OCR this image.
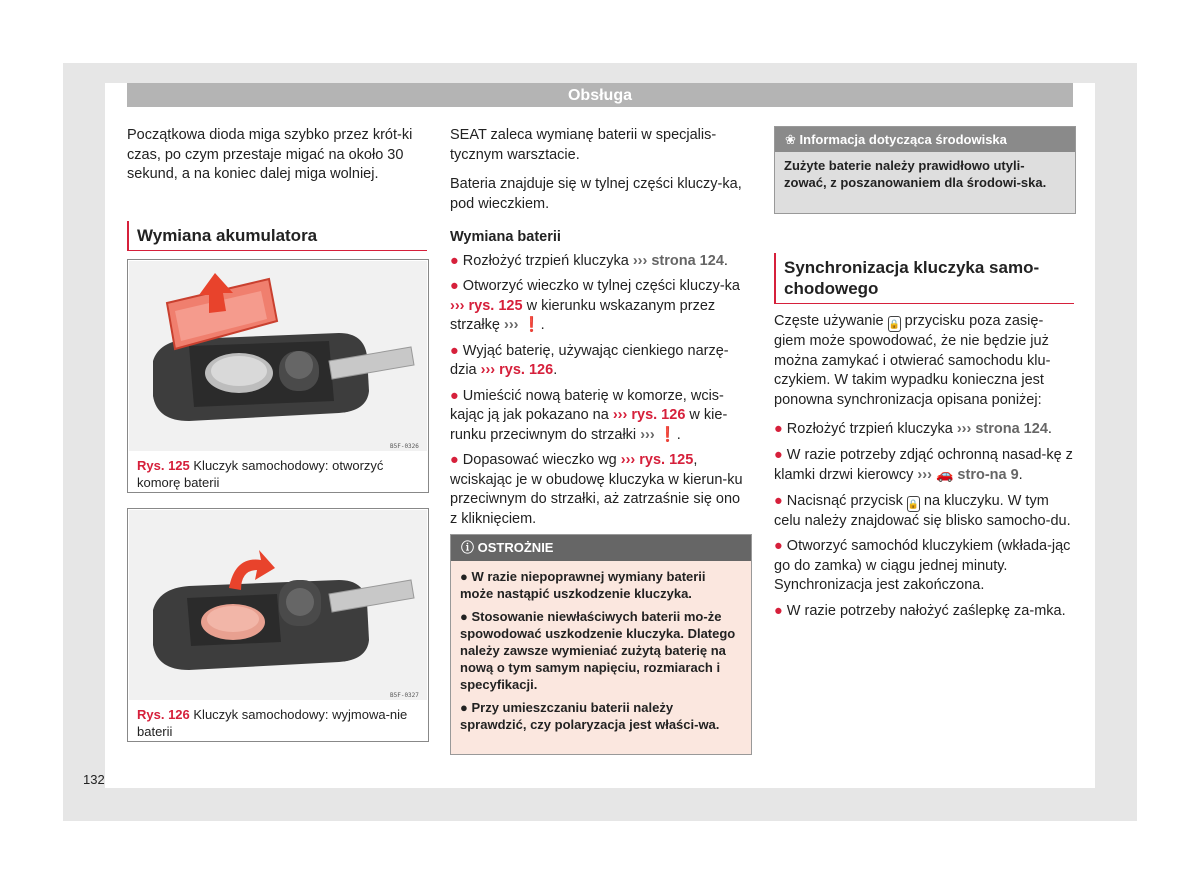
Obsługa

Początkowa dioda miga szybko przez krót-ki czas, po czym przestaje migać na około 30 sekund, a na koniec dalej miga wolniej.

Wymiana akumulatora
B5F-0326
Rys. 125 Kluczyk samochodowy: otworzyć komorę baterii
B5F-0327
Rys. 126 Kluczyk samochodowy: wyjmowa-nie baterii

SEAT zaleca wymianę baterii w specjalis-tycznym warsztacie.

Bateria znajduje się w tylnej części kluczy-ka, pod wieczkiem.

Wymiana baterii
● Rozłożyć trzpień kluczyka ››› strona 124.
● Otworzyć wieczko w tylnej części kluczy-ka ››› rys. 125 w kierunku wskazanym przez strzałkę ››› ❗.
● Wyjąć baterię, używając cienkiego narzę-dzia ››› rys. 126.
● Umieścić nową baterię w komorze, wcis-kając ją jak pokazano na ››› rys. 126 w kie-runku przeciwnym do strzałki ››› ❗.
● Dopasować wieczko wg ››› rys. 125, wciskając je w obudowę kluczyka w kierun-ku przeciwnym do strzałki, aż zatrzaśnie się ono z kliknięciem.
ⓘ OSTROŻNIE

● W razie niepoprawnej wymiany baterii może nastąpić uszkodzenie kluczyka.

● Stosowanie niewłaściwych baterii mo-że spowodować uszkodzenie kluczyka. Dlatego należy zawsze wymieniać zużytą baterię na nową o tym samym napięciu, rozmiarach i specyfikacji.

● Przy umieszczaniu baterii należy sprawdzić, czy polaryzacja jest właści-wa.

❀ Informacja dotycząca środowiska
Zużyte baterie należy prawidłowo utyli-zować, z poszanowaniem dla środowi-ska.
Synchronizacja kluczyka samo-chodowego

Częste używanie 🔒 przycisku poza zasię-giem może spowodować, że nie będzie już można zamykać i otwierać samochodu klu-czykiem. W takim wypadku konieczna jest ponowna synchronizacja opisana poniżej:

● Rozłożyć trzpień kluczyka ››› strona 124.
● W razie potrzeby zdjąć ochronną nasad-kę z klamki drzwi kierowcy ››› 🚗 stro-na 9.
● Nacisnąć przycisk 🔒 na kluczyku. W tym celu należy znajdować się blisko samocho-du.
● Otworzyć samochód kluczykiem (wkłada-jąc go do zamka) w ciągu jednej minuty. Synchronizacja jest zakończona.
● W razie potrzeby nałożyć zaślepkę za-mka.
132
